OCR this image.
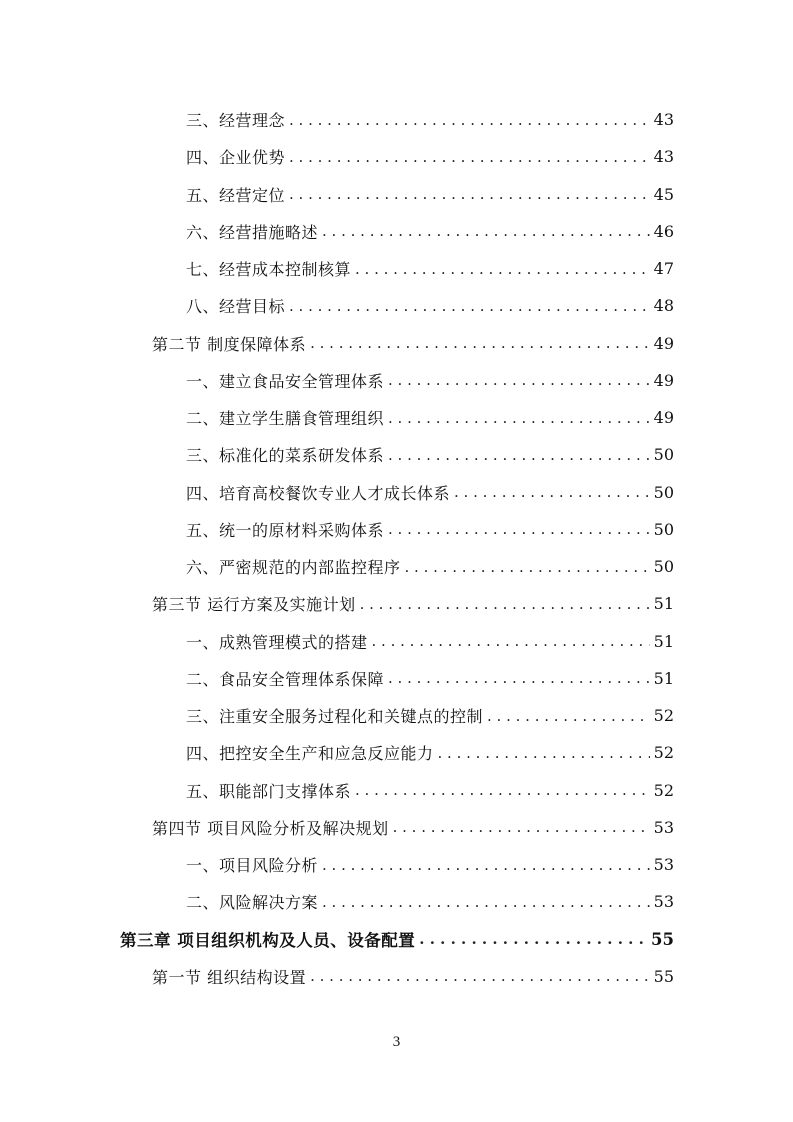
三、经营理念 . . .	43
四、企业优势 . . .	43
五、经营定位 . . .	45
六、经营措施略述 . . .	46
七、经营成本控制核算 . . .	47
八、经营目标 . . .	48
第二节 制度保障体系 . . .	49
一、建立食品安全管理体系 . . .	49
二、建立学生膳食管理组织 . . .	49
三、标准化的菜系研发体系 . . .	50
四、培育高校餐饮专业人才成长体系 . . .	50
五、统一的原材料采购体系 . . .	50
六、严密规范的内部监控程序 . . .	50
第三节 运行方案及实施计划 . . .	51
一、成熟管理模式的搭建 . . .	51
二、食品安全管理体系保障 . . .	51
三、注重安全服务过程化和关键点的控制 . . .	52
四、把控安全生产和应急反应能力 . . .	52
五、职能部门支撑体系 . . .	52
第四节 项目风险分析及解决规划 . . .	53
一、项目风险分析 . . .	53
二、风险解决方案 . . .	53
第三章 项目组织机构及人员、设备配置 . . .	55
第一节 组织结构设置 . . .	55
3
